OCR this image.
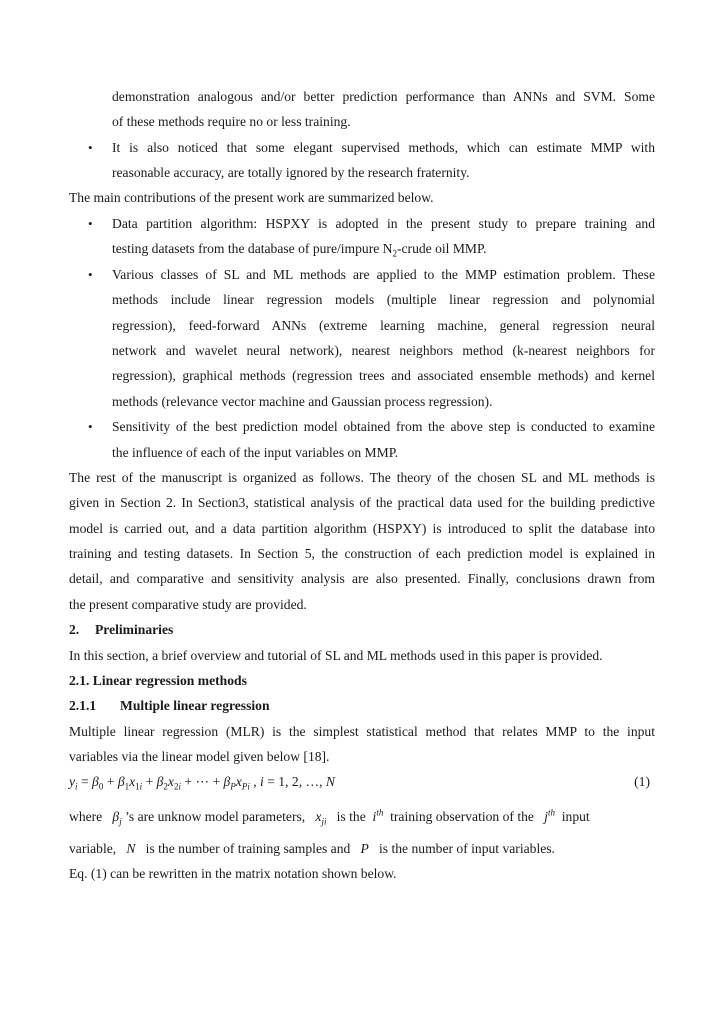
demonstration analogous and/or better prediction performance than ANNs and SVM. Some
of these methods require no or less training.
• It is also noticed that some elegant supervised methods, which can estimate MMP with
reasonable accuracy, are totally ignored by the research fraternity.
The main contributions of the present work are summarized below.
• Data partition algorithm: HSPXY is adopted in the present study to prepare training and
testing datasets from the database of pure/impure $N_2$-crude oil MMP.
• Various classes of SL and ML methods are applied to the MMP estimation problem. These
methods include linear regression models (multiple linear regression and polynomial
regression), feed-forward ANNs (extreme learning machine, general regression neural
network and wavelet neural network), nearest neighbors method (k-nearest neighbors for
regression), graphical methods (regression trees and associated ensemble methods) and kernel
methods (relevance vector machine and Gaussian process regression).
• Sensitivity of the best prediction model obtained from the above step is conducted to examine
the influence of each of the input variables on MMP.
The rest of the manuscript is organized as follows. The theory of the chosen SL and ML methods is
given in Section 2. In Section3, statistical analysis of the practical data used for the building predictive
model is carried out, and a data partition algorithm (HSPXY) is introduced to split the database into
training and testing datasets. In Section 5, the construction of each prediction model is explained in
detail, and comparative and sensitivity analysis are also presented. Finally, conclusions drawn from
the present comparative study are provided.
2. Preliminaries
In this section, a brief overview and tutorial of SL and ML methods used in this paper is provided.
2.1. Linear regression methods
2.1.1 Multiple linear regression
Multiple linear regression (MLR) is the simplest statistical method that relates MMP to the input
variables via the linear model given below [18].
$y_i = \beta_0 + \beta_1x_{1i} + \beta_2x_{2i}$ + ⋯ + $\beta_Px_{Pi}$ , i = 1, 2, …, N	(1)
where $\beta_j$ ’s are unknow model parameters, $x_{ji}$ is the $i^{th}$ training observation of the $j^{th}$ input
variable, N is the number of training samples and P is the number of input variables.
Eq. (1) can be rewritten in the matrix notation shown below.
